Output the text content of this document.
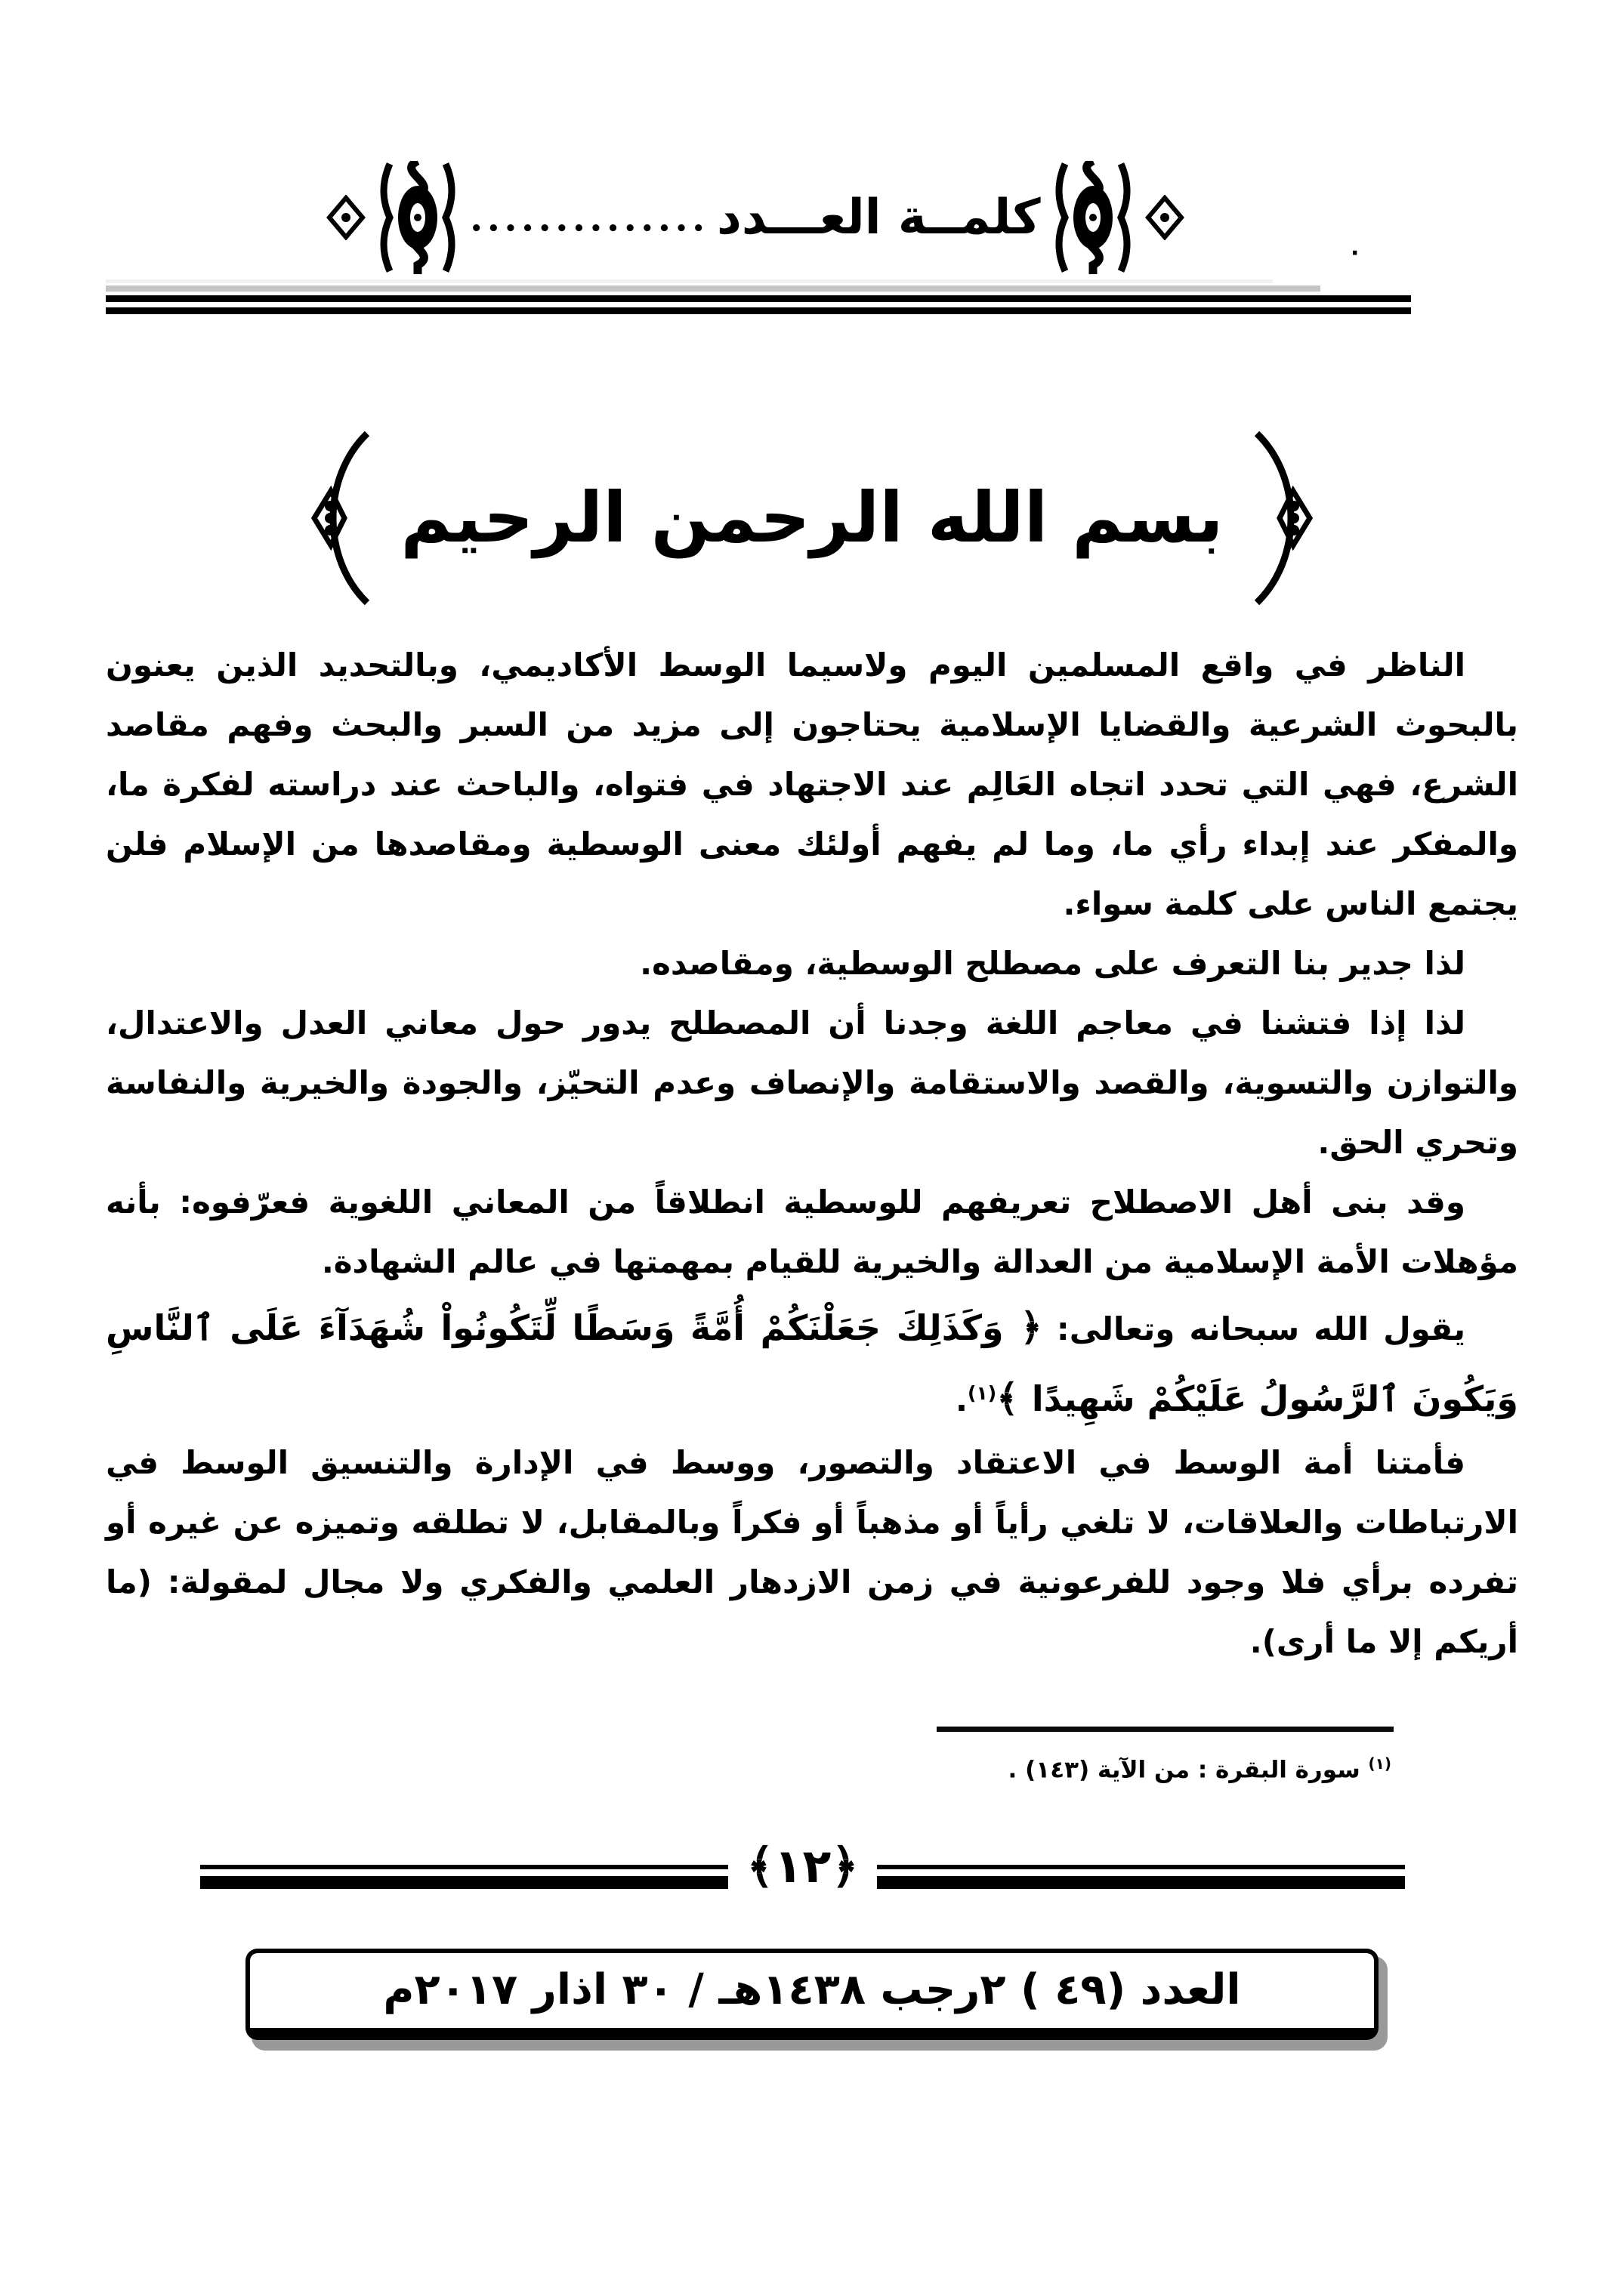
•••••••••••••• كلمــة العـــدد
·
بسم الله الرحمن الرحيم

الناظر في واقع المسلمين اليوم ولاسيما الوسط الأكاديمي، وبالتحديد الذين يعنون بالبحوث الشرعية والقضايا الإسلامية يحتاجون إلى مزيد من السبر والبحث وفهم مقاصد الشرع، فهي التي تحدد اتجاه العَالِم عند الاجتهاد في فتواه، والباحث عند دراسته لفكرة ما، والمفكر عند إبداء رأي ما، وما لم يفهم أولئك معنى الوسطية ومقاصدها من الإسلام فلن يجتمع الناس على كلمة سواء.

لذا جدير بنا التعرف على مصطلح الوسطية، ومقاصده.

لذا إذا فتشنا في معاجم اللغة وجدنا أن المصطلح يدور حول معاني العدل والاعتدال، والتوازن والتسوية، والقصد والاستقامة والإنصاف وعدم التحيّز، والجودة والخيرية والنفاسة وتحري الحق.

وقد بنى أهل الاصطلاح تعريفهم للوسطية انطلاقاً من المعاني اللغوية فعرّفوه: بأنه مؤهلات الأمة الإسلامية من العدالة والخيرية للقيام بمهمتها في عالم الشهادة.

يقول الله سبحانه وتعالى: ﴿ وَكَذَلِكَ جَعَلْنَكُمْ أُمَّةً وَسَطًا لِّتَكُونُواْ شُهَدَآءَ عَلَى ٱلنَّاسِ وَيَكُونَ ٱلرَّسُولُ عَلَيْكُمْ شَهِيدًا ﴾$^{(١)}$.

فأمتنا أمة الوسط في الاعتقاد والتصور، ووسط في الإدارة والتنسيق الوسط في الارتباطات والعلاقات، لا تلغي رأياً أو مذهباً أو فكراً وبالمقابل، لا تطلقه وتميزه عن غيره أو تفرده برأي فلا وجود للفرعونية في زمن الازدهار العلمي والفكري ولا مجال لمقولة: (ما أريكم إلا ما أرى).

$^{(١)}$ سورة البقرة : من الآية (١٤٣) .
﴿١٢﴾
العدد (٤٩ ) ٢رجب ١٤٣٨هـ / ٣٠ اذار ٢٠١٧م
